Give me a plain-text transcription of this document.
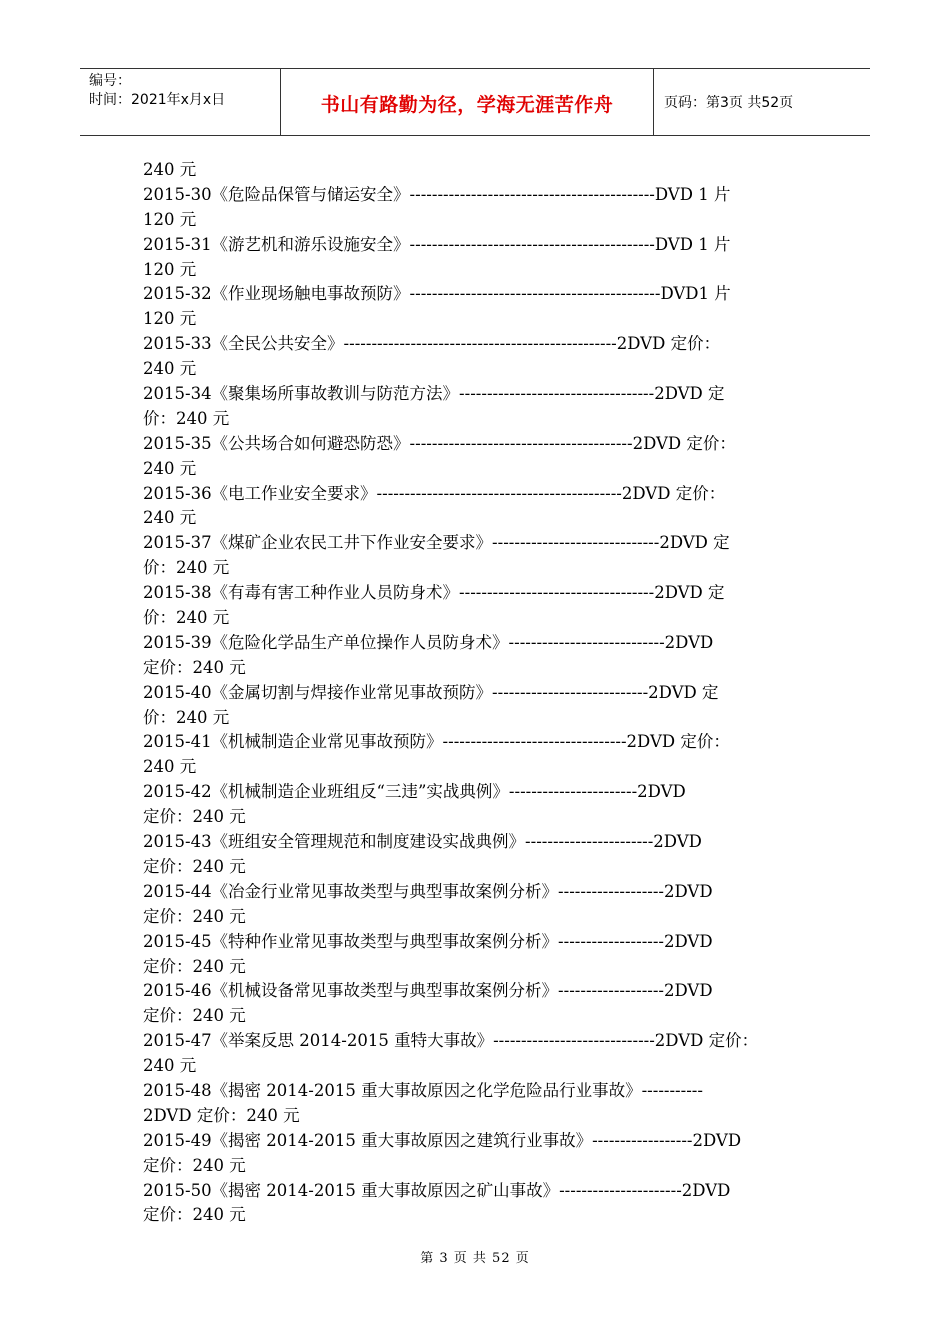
编号：
时间：2021年x月x日	书山有路勤为径，学海无涯苦作舟	页码：第3页 共52页
240 元
2015-30《危险品保管与储运安全》--------------------------------------------DVD 1 片
120 元
2015-31《游艺机和游乐设施安全》--------------------------------------------DVD 1 片
120 元
2015-32《作业现场触电事故预防》---------------------------------------------DVD1 片
120 元
2015-33《全民公共安全》-------------------------------------------------2DVD 定价：
240 元
2015-34《聚集场所事故教训与防范方法》-----------------------------------2DVD 定
价：240 元
2015-35《公共场合如何避恐防恐》----------------------------------------2DVD 定价：
240 元
2015-36《电工作业安全要求》--------------------------------------------2DVD 定价：
240 元
2015-37《煤矿企业农民工井下作业安全要求》------------------------------2DVD 定
价：240 元
2015-38《有毒有害工种作业人员防身术》-----------------------------------2DVD 定
价：240 元
2015-39《危险化学品生产单位操作人员防身术》----------------------------2DVD
定价：240 元
2015-40《金属切割与焊接作业常见事故预防》----------------------------2DVD 定
价：240 元
2015-41《机械制造企业常见事故预防》---------------------------------2DVD 定价：
240 元
2015-42《机械制造企业班组反“三违”实战典例》-----------------------2DVD
定价：240 元
2015-43《班组安全管理规范和制度建设实战典例》-----------------------2DVD
定价：240 元
2015-44《冶金行业常见事故类型与典型事故案例分析》-------------------2DVD
定价：240 元
2015-45《特种作业常见事故类型与典型事故案例分析》-------------------2DVD
定价：240 元
2015-46《机械设备常见事故类型与典型事故案例分析》-------------------2DVD
定价：240 元
2015-47《举案反思 2014-2015 重特大事故》-----------------------------2DVD 定价：
240 元
2015-48《揭密 2014-2015 重大事故原因之化学危险品行业事故》-----------
2DVD 定价：240 元
2015-49《揭密 2014-2015 重大事故原因之建筑行业事故》------------------2DVD
定价：240 元
2015-50《揭密 2014-2015 重大事故原因之矿山事故》----------------------2DVD
定价：240 元
第 3 页 共 52 页
